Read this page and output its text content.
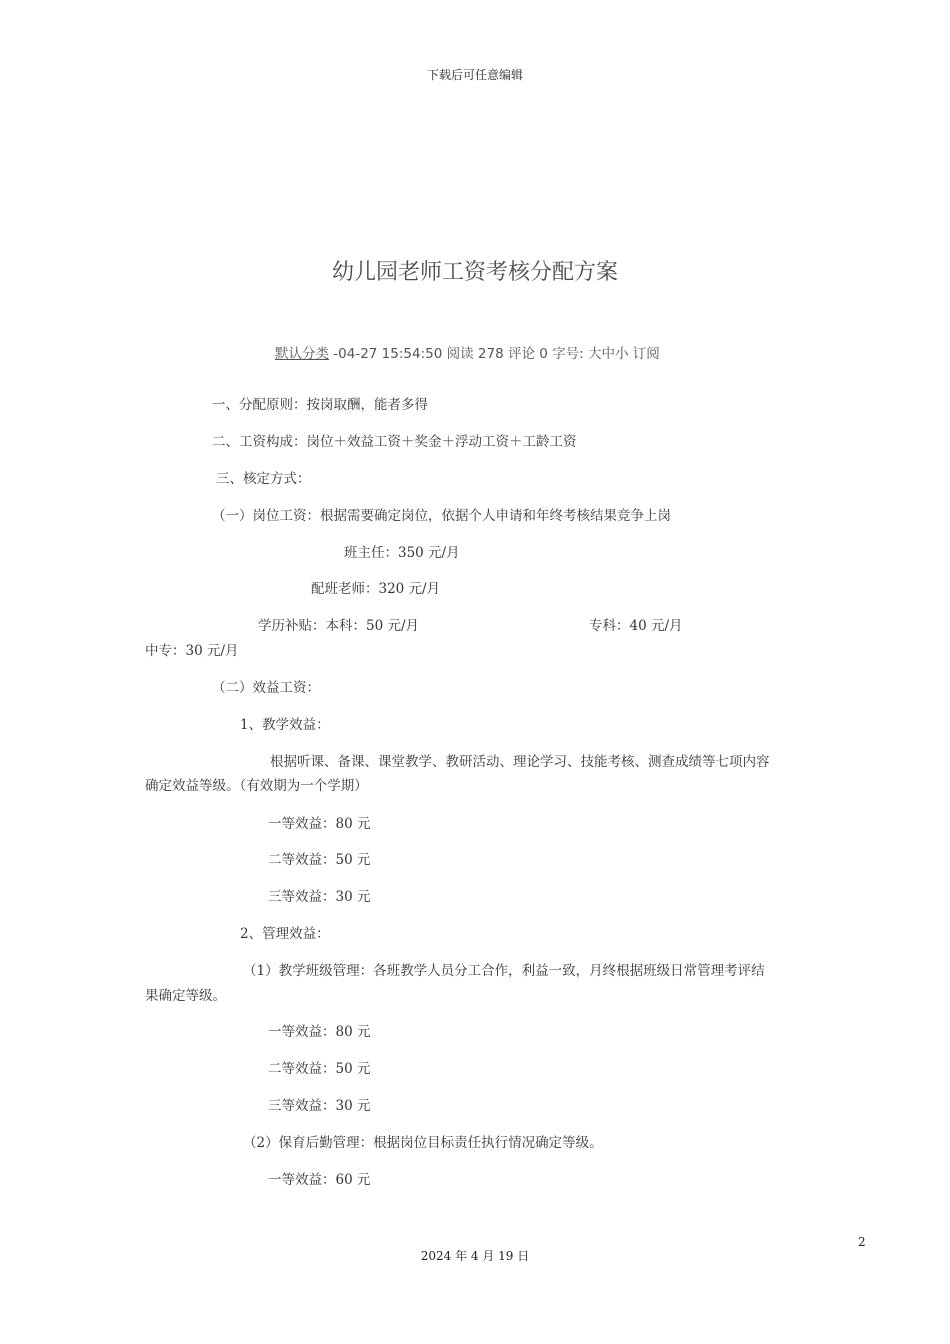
下载后可任意编辑
幼儿园老师工资考核分配方案
默认分类 -04-27 15:54:50 阅读 278 评论 0 字号: 大中小 订阅
一、分配原则：按岗取酬，能者多得
二、工资构成：岗位＋效益工资＋奖金＋浮动工资＋工龄工资
三、核定方式：
（一）岗位工资：根据需要确定岗位，依据个人申请和年终考核结果竞争上岗
班主任：350 元/月
配班老师：320 元/月
学历补贴：本科：50 元/月	专科：40 元/月
中专：30 元/月
（二）效益工资：
1、教学效益：
根据听课、备课、课堂教学、教研活动、理论学习、技能考核、测查成绩等七项内容
确定效益等级。（有效期为一个学期）
一等效益：80 元
二等效益：50 元
三等效益：30 元
2、管理效益：
（1）教学班级管理：各班教学人员分工合作，利益一致，月终根据班级日常管理考评结
果确定等级。
一等效益：80 元
二等效益：50 元
三等效益：30 元
（2）保育后勤管理：根据岗位目标责任执行情况确定等级。
一等效益：60 元
2
2024 年 4 月 19 日
